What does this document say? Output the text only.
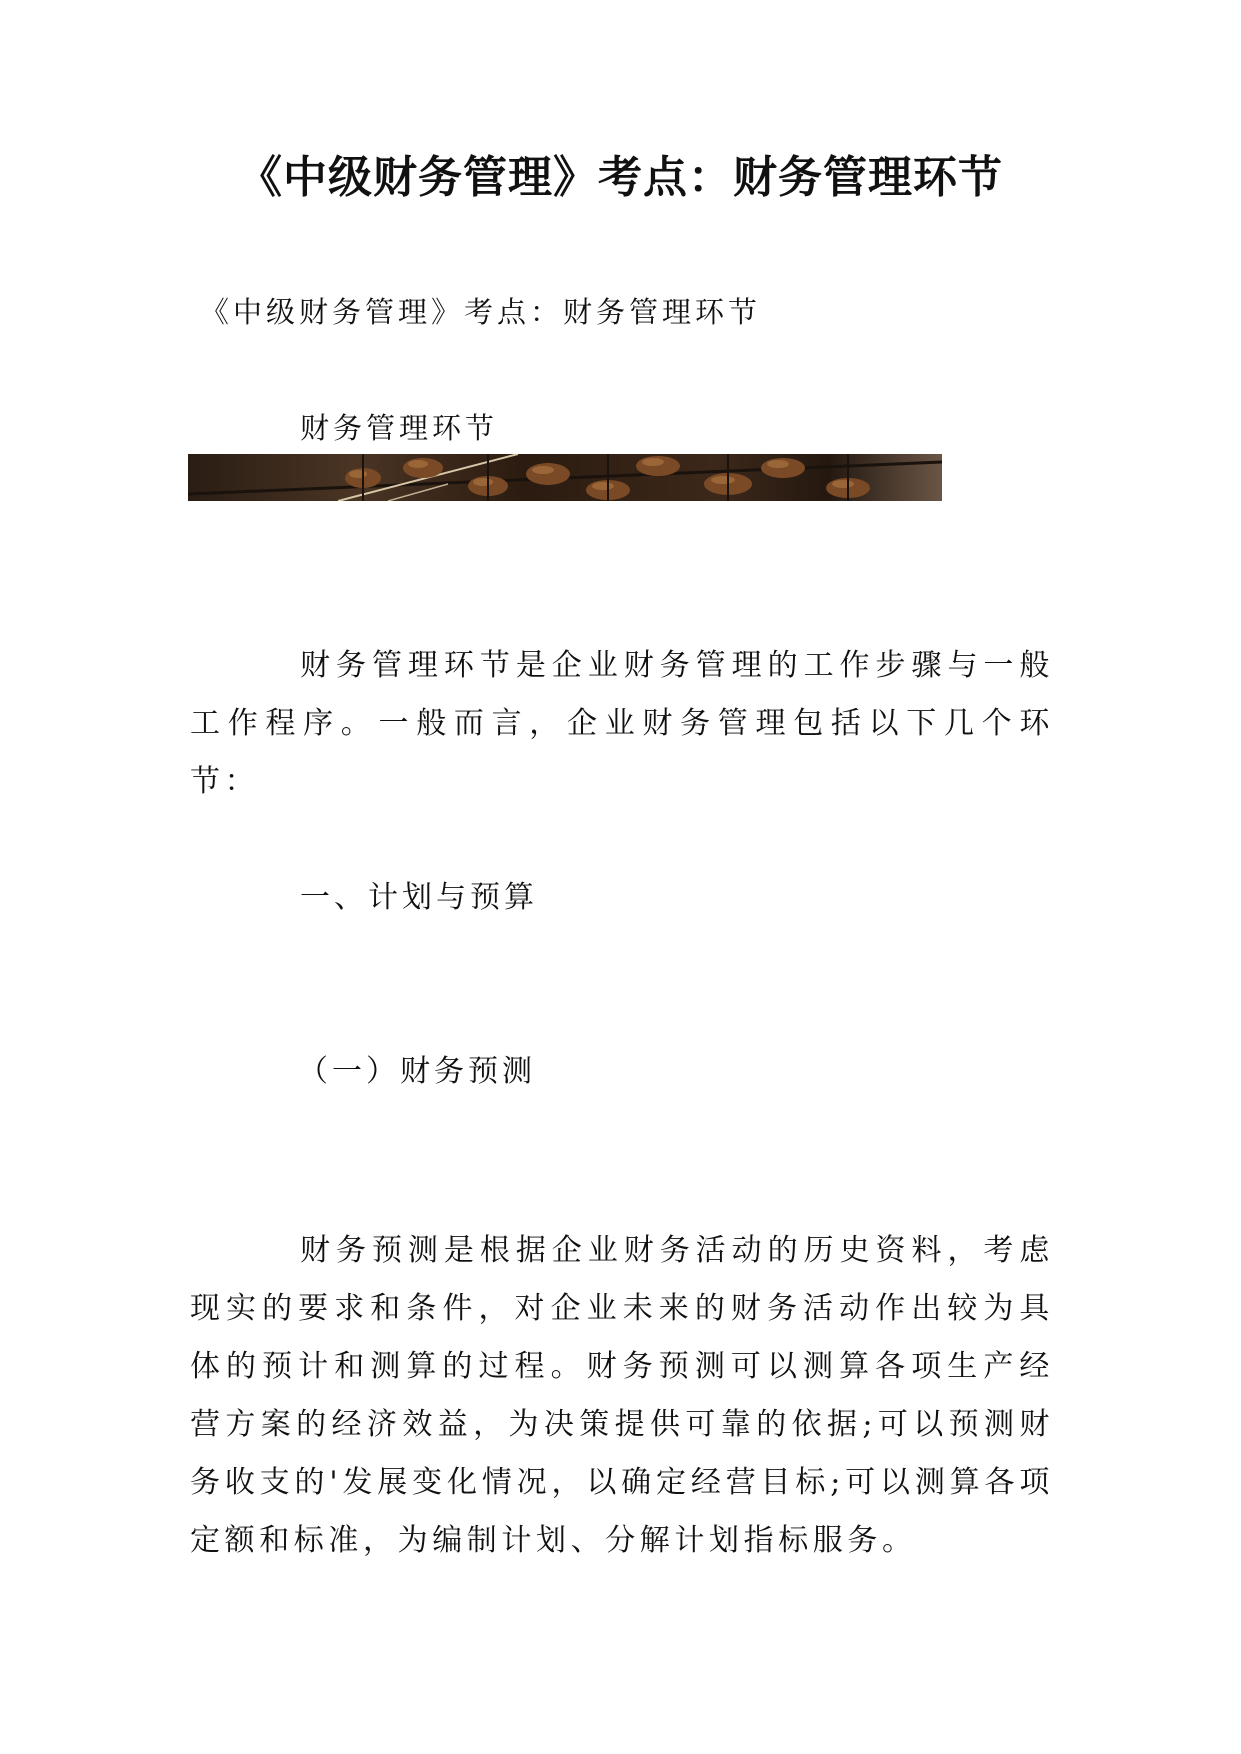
《中级财务管理》考点：财务管理环节

《中级财务管理》考点：财务管理环节

财务管理环节

财务管理环节是企业财务管理的工作步骤与一般工作程序。一般而言，企业财务管理包括以下几个环节：

一、计划与预算

（一）财务预测

财务预测是根据企业财务活动的历史资料，考虑现实的要求和条件，对企业未来的财务活动作出较为具体的预计和测算的过程。财务预测可以测算各项生产经营方案的经济效益，为决策提供可靠的依据;可以预测财务收支的'发展变化情况，以确定经营目标;可以测算各项定额和标准，为编制计划、分解计划指标服务。
